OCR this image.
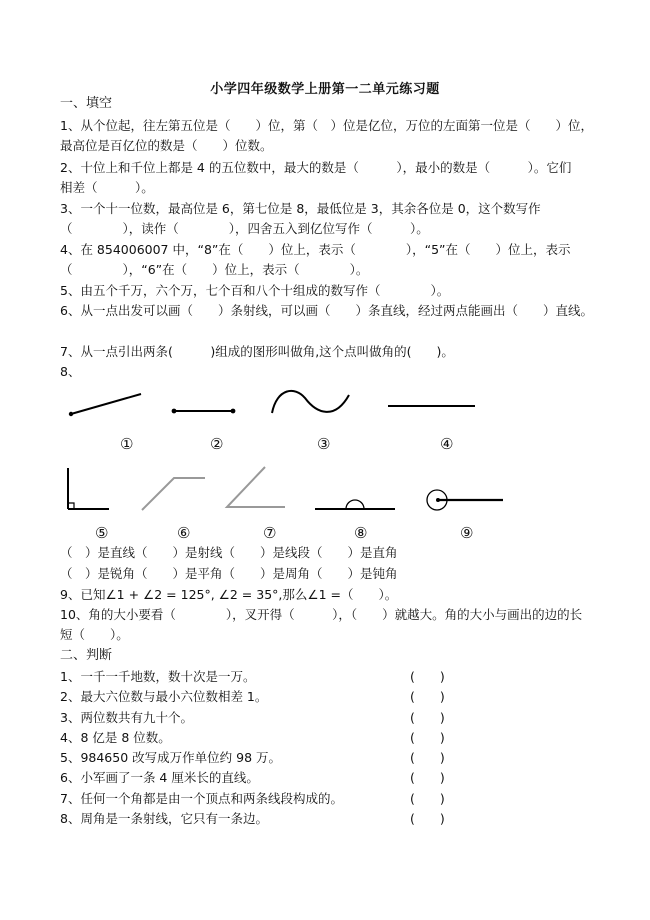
小学四年级数学上册第一二单元练习题
一、填空
1、从个位起，往左第五位是（　　）位，第（　）位是亿位，万位的左面第一位是（　　）位，
最高位是百亿位的数是（　　）位数。
2、十位上和千位上都是 4 的五位数中，最大的数是（　　　），最小的数是（　　　）。它们
相差（　　　）。
3、一个十一位数，最高位是 6，第七位是 8，最低位是 3，其余各位是 0，这个数写作
（　　　　），读作（　　　　），四舍五入到亿位写作（　　　）。
4、在 854006007 中，“8”在（　　）位上，表示（　　　　），“5”在（　　）位上，表示
（　　　　），“6”在（　　）位上，表示（　　　　）。
5、由五个千万，六个万，七个百和八个十组成的数写作（　　　　）。
6、从一点出发可以画（　　）条射线，可以画（　　）条直线，经过两点能画出（　　）直线。
7、从一点引出两条(　　　)组成的图形叫做角,这个点叫做角的(　　)。
8、
①	②	③	④
⑤	⑥	⑦	⑧	⑨
（　）是直线（　　）是射线（　　）是线段（　　）是直角
（　）是锐角（　　）是平角（　　）是周角（　　）是钝角
9、已知∠1 + ∠2 = 125°, ∠2 = 35°,那么∠1 =（　　）。
10、角的大小要看（　　　　），叉开得（　　　），（　　）就越大。角的大小与画出的边的长
短（　　）。
二、判断
1、一千一千地数，数十次是一万。	(　　)
2、最大六位数与最小六位数相差 1。	(　　)
3、两位数共有九十个。	(　　)
4、8 亿是 8 位数。	(　　)
5、984650 改写成万作单位约 98 万。	(　　)
6、小军画了一条 4 厘米长的直线。	(　　)
7、任何一个角都是由一个顶点和两条线段构成的。	(　　)
8、周角是一条射线，它只有一条边。	(　　)
